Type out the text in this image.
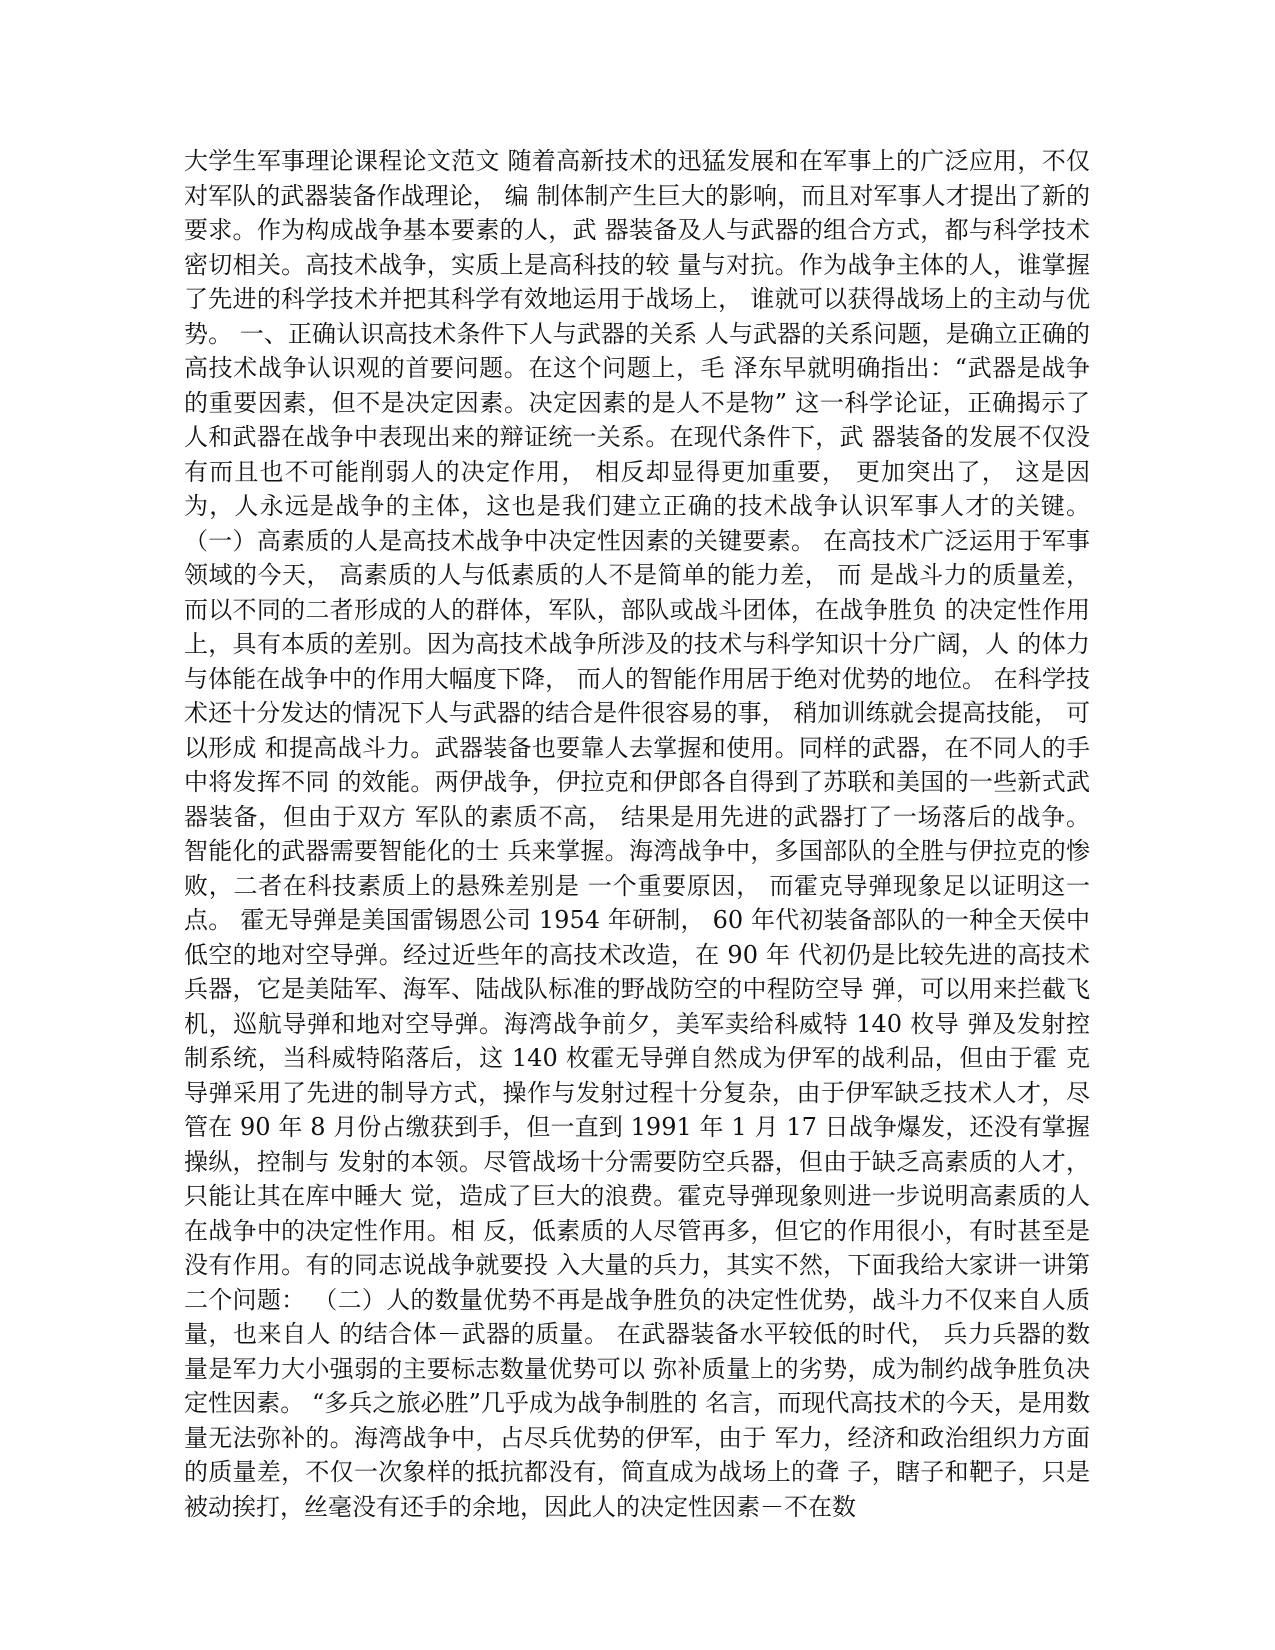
大学生军事理论课程论文范文 随着高新技术的迅猛发展和在军事上的广泛应用，不仅对军队的武器装备作战理论， 编 制体制产生巨大的影响，而且对军事人才提出了新的要求。作为构成战争基本要素的人，武 器装备及人与武器的组合方式，都与科学技术密切相关。高技术战争，实质上是高科技的较 量与对抗。作为战争主体的人，谁掌握了先进的科学技术并把其科学有效地运用于战场上， 谁就可以获得战场上的主动与优势。 一、正确认识高技术条件下人与武器的关系 人与武器的关系问题，是确立正确的高技术战争认识观的首要问题。在这个问题上，毛 泽东早就明确指出：“武器是战争的重要因素，但不是决定因素。决定因素的是人不是物” 这一科学论证，正确揭示了人和武器在战争中表现出来的辩证统一关系。在现代条件下，武 器装备的发展不仅没有而且也不可能削弱人的决定作用， 相反却显得更加重要， 更加突出了， 这是因为，人永远是战争的主体，这也是我们建立正确的技术战争认识军事人才的关键。 （一）高素质的人是高技术战争中决定性因素的关键要素。 在高技术广泛运用于军事领域的今天， 高素质的人与低素质的人不是简单的能力差， 而 是战斗力的质量差，而以不同的二者形成的人的群体，军队，部队或战斗团体，在战争胜负 的决定性作用上，具有本质的差别。因为高技术战争所涉及的技术与科学知识十分广阔，人 的体力与体能在战争中的作用大幅度下降， 而人的智能作用居于绝对优势的地位。 在科学技 术还十分发达的情况下人与武器的结合是件很容易的事， 稍加训练就会提高技能， 可以形成 和提高战斗力。武器装备也要靠人去掌握和使用。同样的武器，在不同人的手中将发挥不同 的效能。两伊战争，伊拉克和伊郎各自得到了苏联和美国的一些新式武器装备，但由于双方 军队的素质不高， 结果是用先进的武器打了一场落后的战争。 智能化的武器需要智能化的士 兵来掌握。海湾战争中，多国部队的全胜与伊拉克的惨败，二者在科技素质上的悬殊差别是 一个重要原因， 而霍克导弹现象足以证明这一点。 霍无导弹是美国雷锡恩公司 1954 年研制， 60 年代初装备部队的一种全天侯中低空的地对空导弹。经过近些年的高技术改造，在 90 年 代初仍是比较先进的高技术兵器，它是美陆军、海军、陆战队标准的野战防空的中程防空导 弹，可以用来拦截飞机，巡航导弹和地对空导弹。海湾战争前夕，美军卖给科威特 140 枚导 弹及发射控制系统，当科威特陷落后，这 140 枚霍无导弹自然成为伊军的战利品，但由于霍 克导弹采用了先进的制导方式，操作与发射过程十分复杂，由于伊军缺乏技术人才，尽管在 90 年 8 月份占缴获到手，但一直到 1991 年 1 月 17 日战争爆发，还没有掌握操纵，控制与 发射的本领。尽管战场十分需要防空兵器，但由于缺乏高素质的人才，只能让其在库中睡大 觉，造成了巨大的浪费。霍克导弹现象则进一步说明高素质的人在战争中的决定性作用。相 反，低素质的人尽管再多，但它的作用很小，有时甚至是没有作用。有的同志说战争就要投 入大量的兵力，其实不然，下面我给大家讲一讲第二个问题： （二）人的数量优势不再是战争胜负的决定性优势，战斗力不仅来自人质量，也来自人 的结合体－武器的质量。 在武器装备水平较低的时代， 兵力兵器的数量是军力大小强弱的主要标志数量优势可以 弥补质量上的劣势，成为制约战争胜负决定性因素。 “多兵之旅必胜”几乎成为战争制胜的 名言，而现代高技术的今天，是用数量无法弥补的。海湾战争中，占尽兵优势的伊军，由于 军力，经济和政治组织力方面的质量差，不仅一次象样的抵抗都没有，简直成为战场上的聋 子，瞎子和靶子，只是被动挨打，丝毫没有还手的余地，因此人的决定性因素－不在数
